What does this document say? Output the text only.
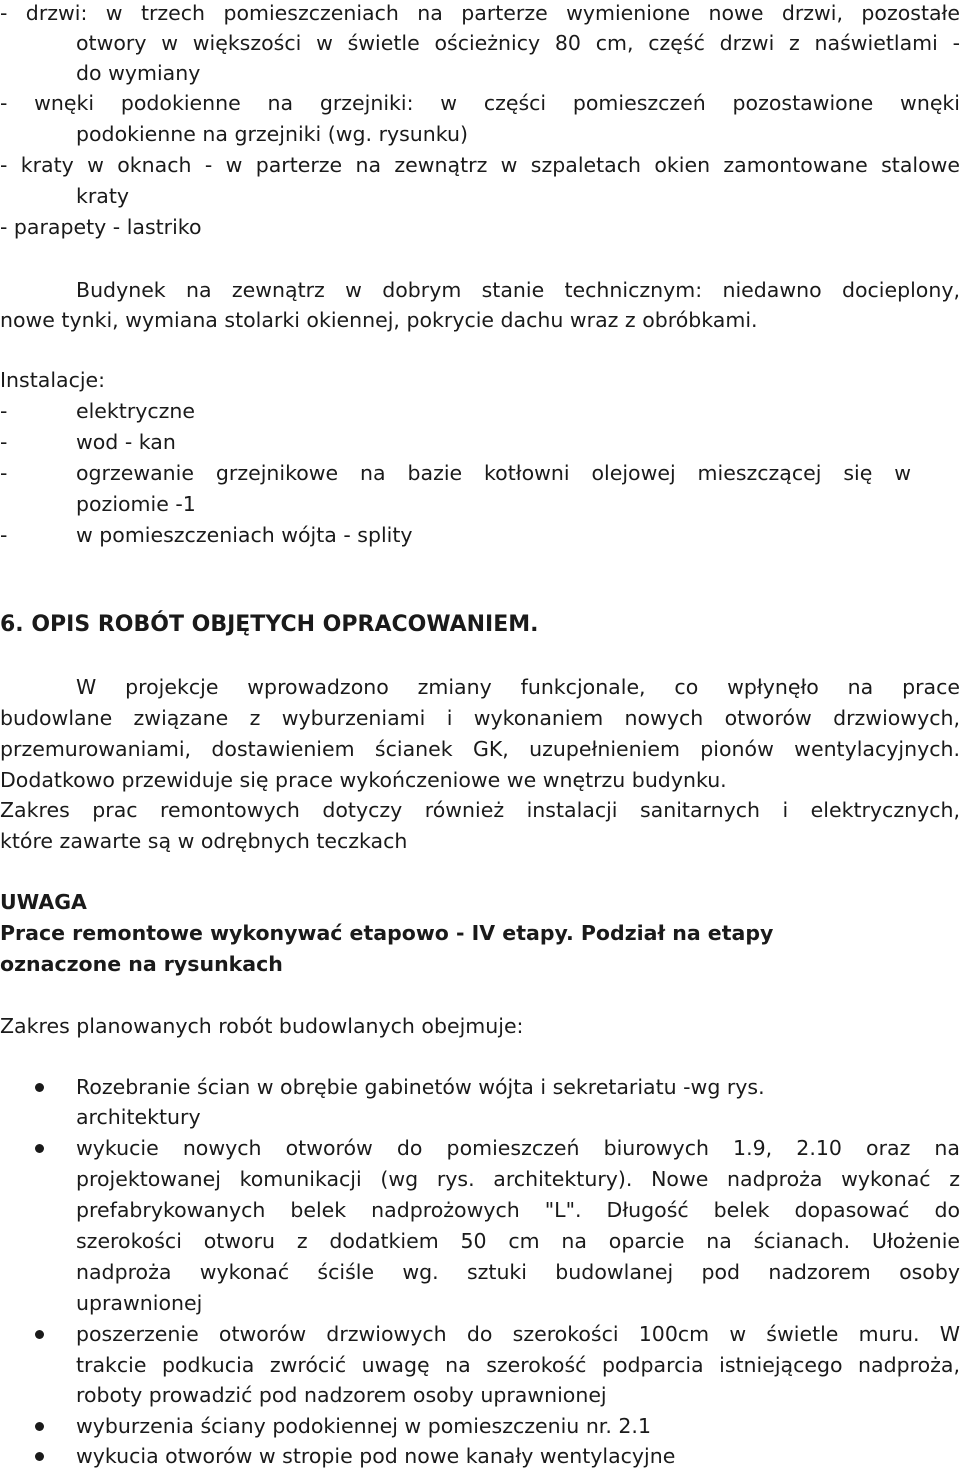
- drzwi: w trzech pomieszczeniach na parterze wymienione nowe drzwi, pozostałe
otwory w większości w świetle ościeżnicy 80 cm, część drzwi z naświetlami -
do wymiany
- wnęki podokienne na grzejniki: w części pomieszczeń pozostawione wnęki
podokienne na grzejniki (wg. rysunku)
- kraty w oknach - w parterze na zewnątrz w szpaletach okien zamontowane stalowe
kraty
- parapety - lastriko
Budynek na zewnątrz w dobrym stanie technicznym: niedawno docieplony,
nowe tynki, wymiana stolarki okiennej, pokrycie dachu wraz z obróbkami.
Instalacje:
-	elektryczne
-	wod - kan
-	ogrzewanie grzejnikowe na bazie kotłowni olejowej mieszczącej się w
poziomie -1
-	w pomieszczeniach wójta - splity
6. OPIS ROBÓT OBJĘTYCH OPRACOWANIEM.
W projekcje wprowadzono zmiany funkcjonale, co wpłynęło na prace
budowlane związane z wyburzeniami i wykonaniem nowych otworów drzwiowych,
przemurowaniami, dostawieniem ścianek GK, uzupełnieniem pionów wentylacyjnych.
Dodatkowo przewiduje się prace wykończeniowe we wnętrzu budynku.
Zakres prac remontowych dotyczy również instalacji sanitarnych i elektrycznych,
które zawarte są w odrębnych teczkach
UWAGA
Prace remontowe wykonywać etapowo - IV etapy. Podział na etapy
oznaczone na rysunkach
Zakres planowanych robót budowlanych obejmuje:
Rozebranie ścian w obrębie gabinetów wójta i sekretariatu -wg rys.
architektury
wykucie nowych otworów do pomieszczeń biurowych 1.9, 2.10 oraz na
projektowanej komunikacji (wg rys. architektury). Nowe nadproża wykonać z
prefabrykowanych belek nadprożowych "L". Długość belek dopasować do
szerokości otworu z dodatkiem 50 cm na oparcie na ścianach. Ułożenie
nadproża wykonać ściśle wg. sztuki budowlanej pod nadzorem osoby
uprawnionej
poszerzenie otworów drzwiowych do szerokości 100cm w świetle muru. W
trakcie podkucia zwrócić uwagę na szerokość podparcia istniejącego nadproża,
roboty prowadzić pod nadzorem osoby uprawnionej
wyburzenia ściany podokiennej w pomieszczeniu nr. 2.1
wykucia otworów w stropie pod nowe kanały wentylacyjne
